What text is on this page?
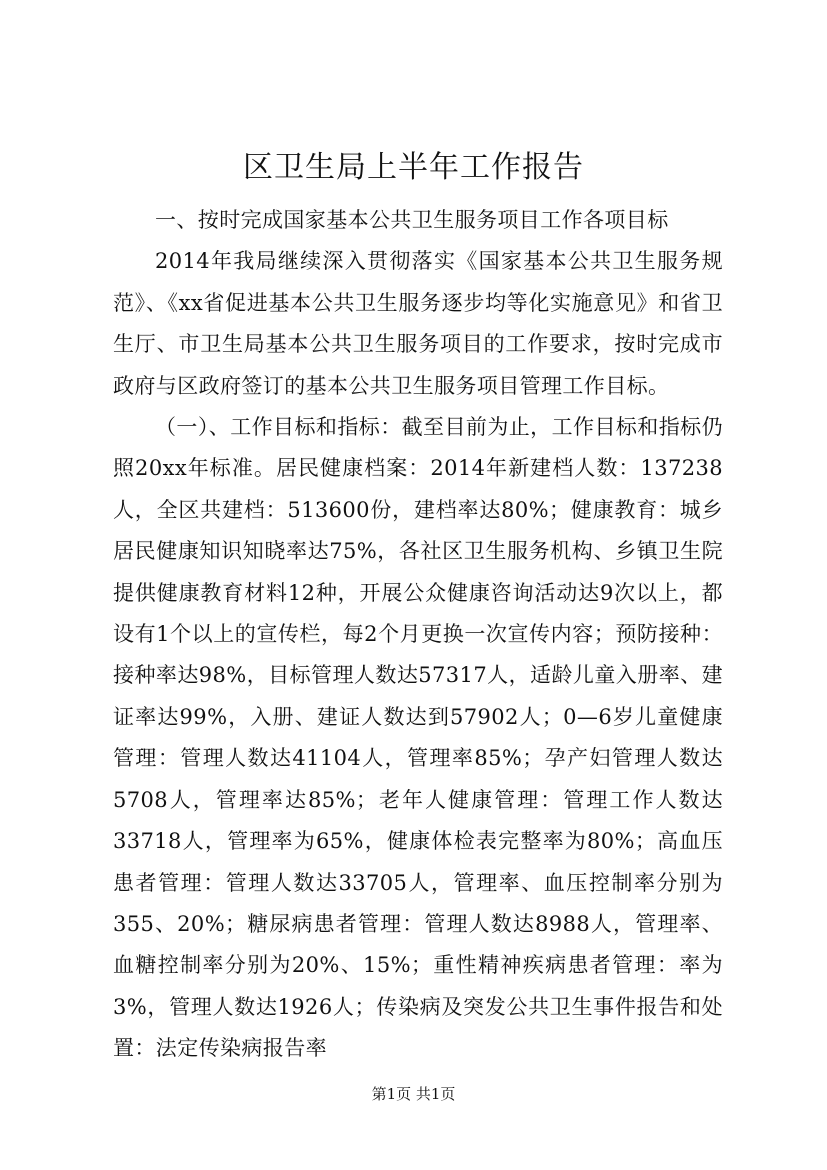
区卫生局上半年工作报告

一、按时完成国家基本公共卫生服务项目工作各项目标

2014年我局继续深入贯彻落实《国家基本公共卫生服务规范》、《xx省促进基本公共卫生服务逐步均等化实施意见》和省卫生厅、市卫生局基本公共卫生服务项目的工作要求，按时完成市政府与区政府签订的基本公共卫生服务项目管理工作目标。

（一）、工作目标和指标：截至目前为止，工作目标和指标仍照20xx年标准。居民健康档案：2014年新建档人数：137238人，全区共建档：513600份，建档率达80%；健康教育：城乡居民健康知识知晓率达75%，各社区卫生服务机构、乡镇卫生院提供健康教育材料12种，开展公众健康咨询活动达9次以上，都设有1个以上的宣传栏，每2个月更换一次宣传内容；预防接种：接种率达98%，目标管理人数达57317人，适龄儿童入册率、建证率达99%，入册、建证人数达到57902人；0—6岁儿童健康管理：管理人数达41104人，管理率85%；孕产妇管理人数达5708人，管理率达85%；老年人健康管理：管理工作人数达33718人，管理率为65%，健康体检表完整率为80%；高血压患者管理：管理人数达33705人，管理率、血压控制率分别为355、20%；糖尿病患者管理：管理人数达8988人，管理率、血糖控制率分别为20%、15%；重性精神疾病患者管理：率为3%，管理人数达1926人；传染病及突发公共卫生事件报告和处置：法定传染病报告率

第1页 共1页
